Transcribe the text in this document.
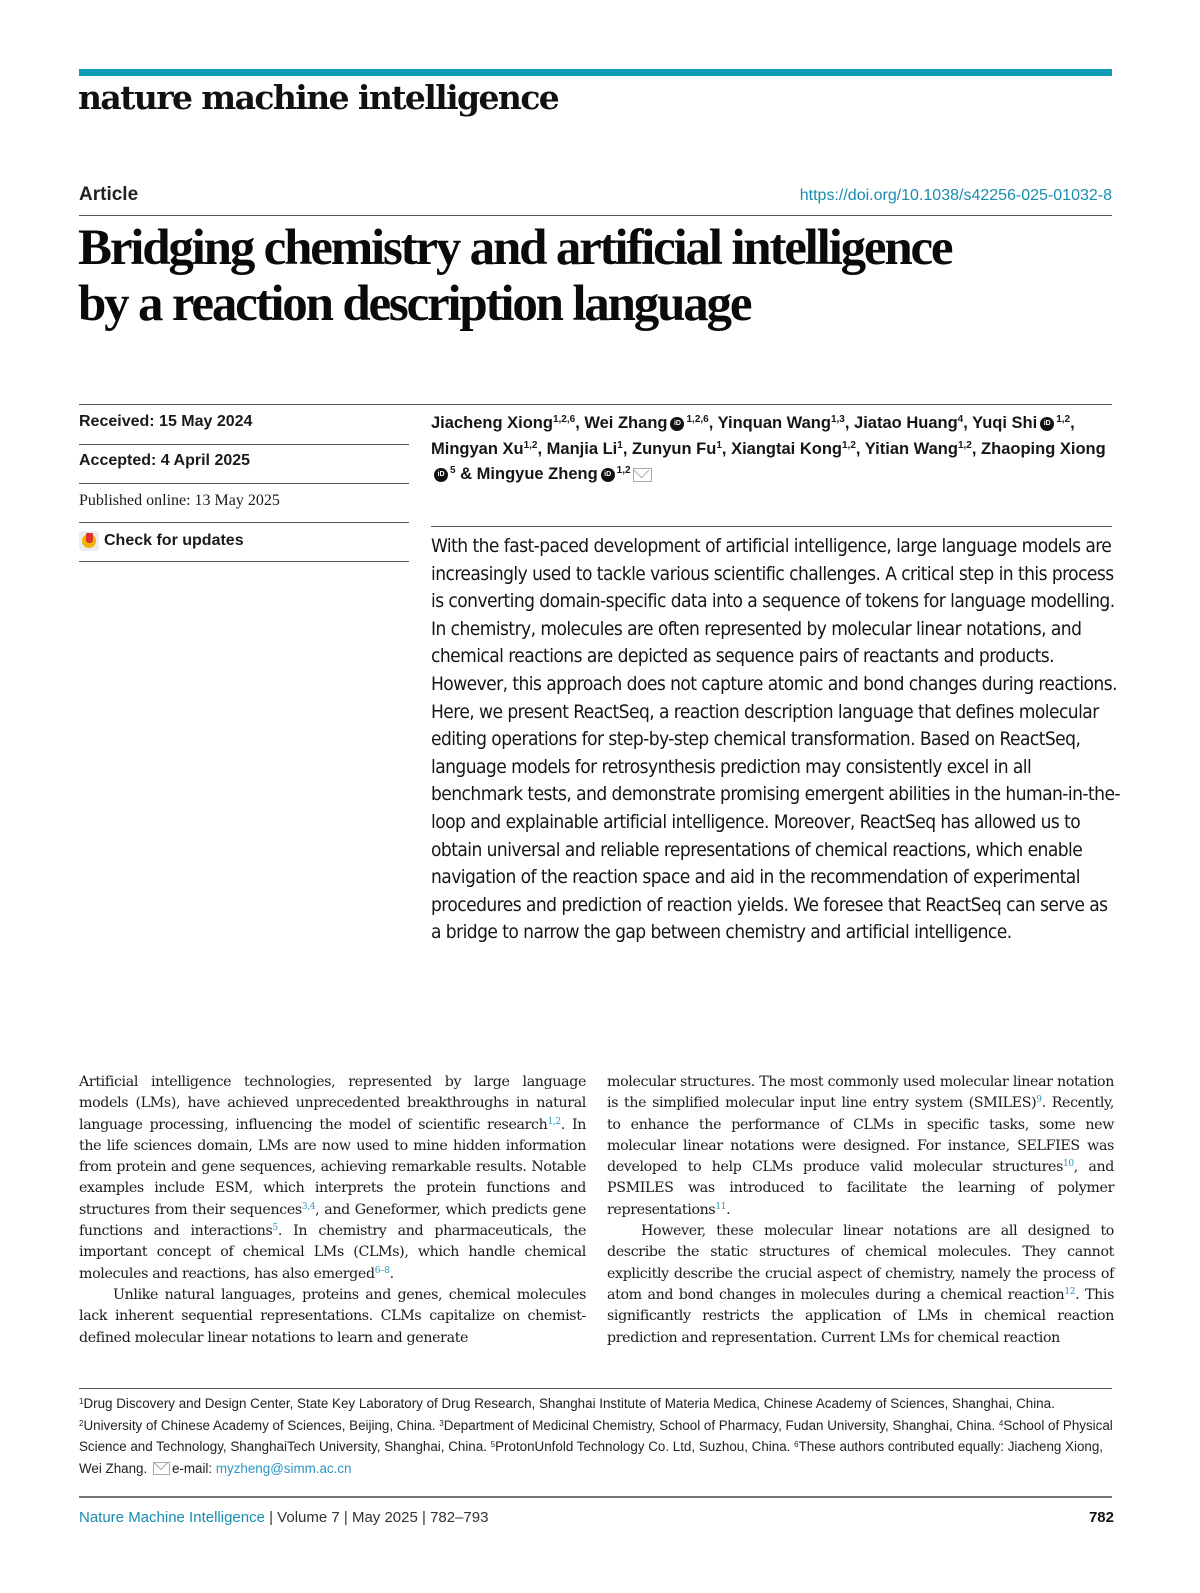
nature machine intelligence
Article	https://doi.org/10.1038/s42256-025-01032-8
Bridging chemistry and artificial intelligence
by a reaction description language
Received: 15 May 2024
Accepted: 4 April 2025
Published online: 13 May 2025
Check for updates
Jiacheng Xiong$^{1,2,6}$, Wei Zhang iD $^{1,2,6}$, Yinquan Wang$^{1,3}$, Jiatao Huang$^4$, Yuqi Shi iD $^{1,2}$, Mingyan Xu$^{1,2}$, Manjia Li$^1$, Zunyun Fu$^1$, Xiangtai Kong$^{1,2}$, Yitian Wang$^{1,2}$, Zhaoping XiongiD $^5$ & Mingyue Zheng iD $^{1,2}$

With the fast-paced development of artificial intelligence, large language models are increasingly used to tackle various scientific challenges. A critical step in this process is converting domain-specific data into a sequence of tokens for language modelling. In chemistry, molecules are often represented by molecular linear notations, and chemical reactions are depicted as sequence pairs of reactants and products. However, this approach does not capture atomic and bond changes during reactions. Here, we present ReactSeq, a reaction description language that defines molecular editing operations for step-by-step chemical transformation. Based on ReactSeq, language models for retrosynthesis prediction may consistently excel in all benchmark tests, and demonstrate promising emergent abilities in the human-in-the-loop and explainable artificial intelligence. Moreover, ReactSeq has allowed us to obtain universal and reliable representations of chemical reactions, which enable navigation of the reaction space and aid in the recommendation of experimental procedures and prediction of reaction yields. We foresee that ReactSeq can serve as a bridge to narrow the gap between chemistry and artificial intelligence.

Artificial intelligence technologies, represented by large language models (LMs), have achieved unprecedented breakthroughs in natural language processing, influencing the model of scientific research$^{1,2}$. In the life sciences domain, LMs are now used to mine hidden information from protein and gene sequences, achieving remarkable results. Notable examples include ESM, which interprets the protein functions and structures from their sequences$^{3,4}$, and Geneformer, which predicts gene functions and interactions$^5$. In chemistry and pharmaceuticals, the important concept of chemical LMs (CLMs), which handle chemical molecules and reactions, has also emerged$^{6-8}$.

Unlike natural languages, proteins and genes, chemical molecules lack inherent sequential representations. CLMs capitalize on chemist-defined molecular linear notations to learn and generate

molecular structures. The most commonly used molecular linear notation is the simplified molecular input line entry system (SMILES)$^9$. Recently, to enhance the performance of CLMs in specific tasks, some new molecular linear notations were designed. For instance, SELFIES was developed to help CLMs produce valid molecular structures$^{10}$, and PSMILES was introduced to facilitate the learning of polymer representations$^{11}$.

However, these molecular linear notations are all designed to describe the static structures of chemical molecules. They cannot explicitly describe the crucial aspect of chemistry, namely the process of atom and bond changes in molecules during a chemical reaction$^{12}$. This significantly restricts the application of LMs in chemical reaction prediction and representation. Current LMs for chemical reaction

$^1$Drug Discovery and Design Center, State Key Laboratory of Drug Research, Shanghai Institute of Materia Medica, Chinese Academy of Sciences, Shanghai, China. $^2$University of Chinese Academy of Sciences, Beijing, China. $^3$Department of Medicinal Chemistry, School of Pharmacy, Fudan University, Shanghai, China. $^4$School of Physical Science and Technology, ShanghaiTech University, Shanghai, China. $^5$ProtonUnfold Technology Co. Ltd, Suzhou, China. $^6$These authors contributed equally: Jiacheng Xiong, Wei Zhang. e-mail: myzheng@simm.ac.cn
Nature Machine Intelligence | Volume 7 | May 2025 | 782–793	782
